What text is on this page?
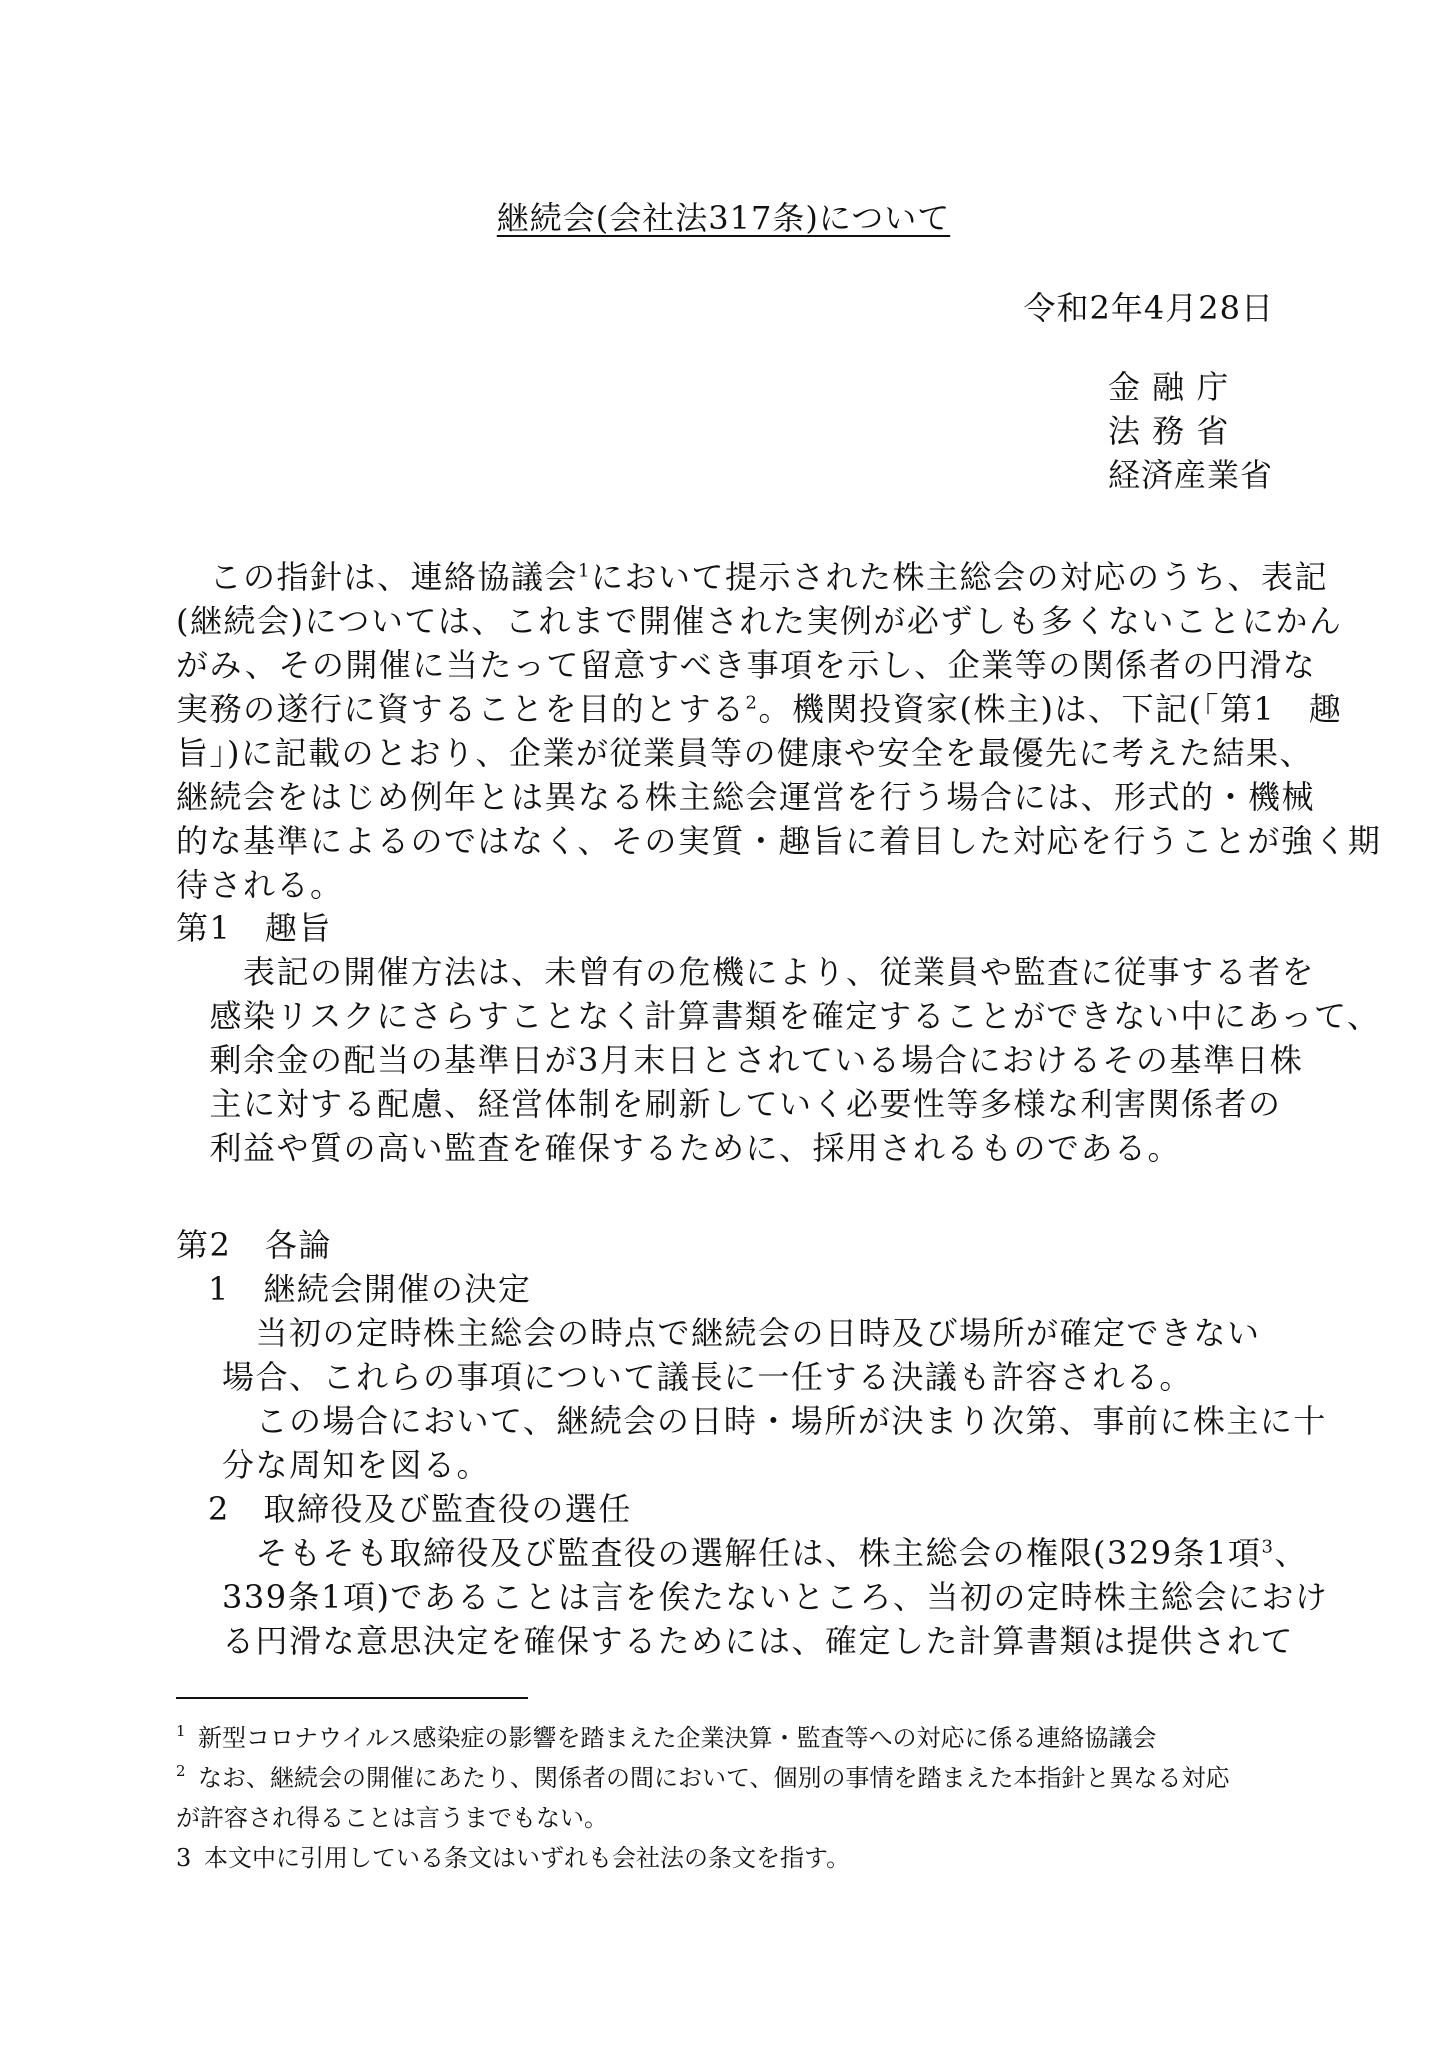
継続会(会社法317条)について
令和2年4月28日
金 融 庁
法 務 省
経済産業省
　この指針は、連絡協議会$^1$において提示された株主総会の対応のうち、表記
(継続会)については、これまで開催された実例が必ずしも多くないことにかん
がみ、その開催に当たって留意すべき事項を示し、企業等の関係者の円滑な
実務の遂行に資することを目的とする$^2$。機関投資家(株主)は、下記(「第1　趣
旨」)に記載のとおり、企業が従業員等の健康や安全を最優先に考えた結果、
継続会をはじめ例年とは異なる株主総会運営を行う場合には、形式的・機械
的な基準によるのではなく、その実質・趣旨に着目した対応を行うことが強く期
待される。
第1　趣旨
　　表記の開催方法は、未曾有の危機により、従業員や監査に従事する者を
　感染リスクにさらすことなく計算書類を確定することができない中にあって、
　剰余金の配当の基準日が3月末日とされている場合におけるその基準日株
　主に対する配慮、経営体制を刷新していく必要性等多様な利害関係者の
　利益や質の高い監査を確保するために、採用されるものである。
第2　各論
1　継続会開催の決定
　当初の定時株主総会の時点で継続会の日時及び場所が確定できない
場合、これらの事項について議長に一任する決議も許容される。
　この場合において、継続会の日時・場所が決まり次第、事前に株主に十
分な周知を図る。
2　取締役及び監査役の選任
　そもそも取締役及び監査役の選解任は、株主総会の権限(329条1項$^3$、
339条1項)であることは言を俟たないところ、当初の定時株主総会におけ
る円滑な意思決定を確保するためには、確定した計算書類は提供されて
1 新型コロナウイルス感染症の影響を踏まえた企業決算・監査等への対応に係る連絡協議会
2 なお、継続会の開催にあたり、関係者の間において、個別の事情を踏まえた本指針と異なる対応
が許容され得ることは言うまでもない。
3 本文中に引用している条文はいずれも会社法の条文を指す。
